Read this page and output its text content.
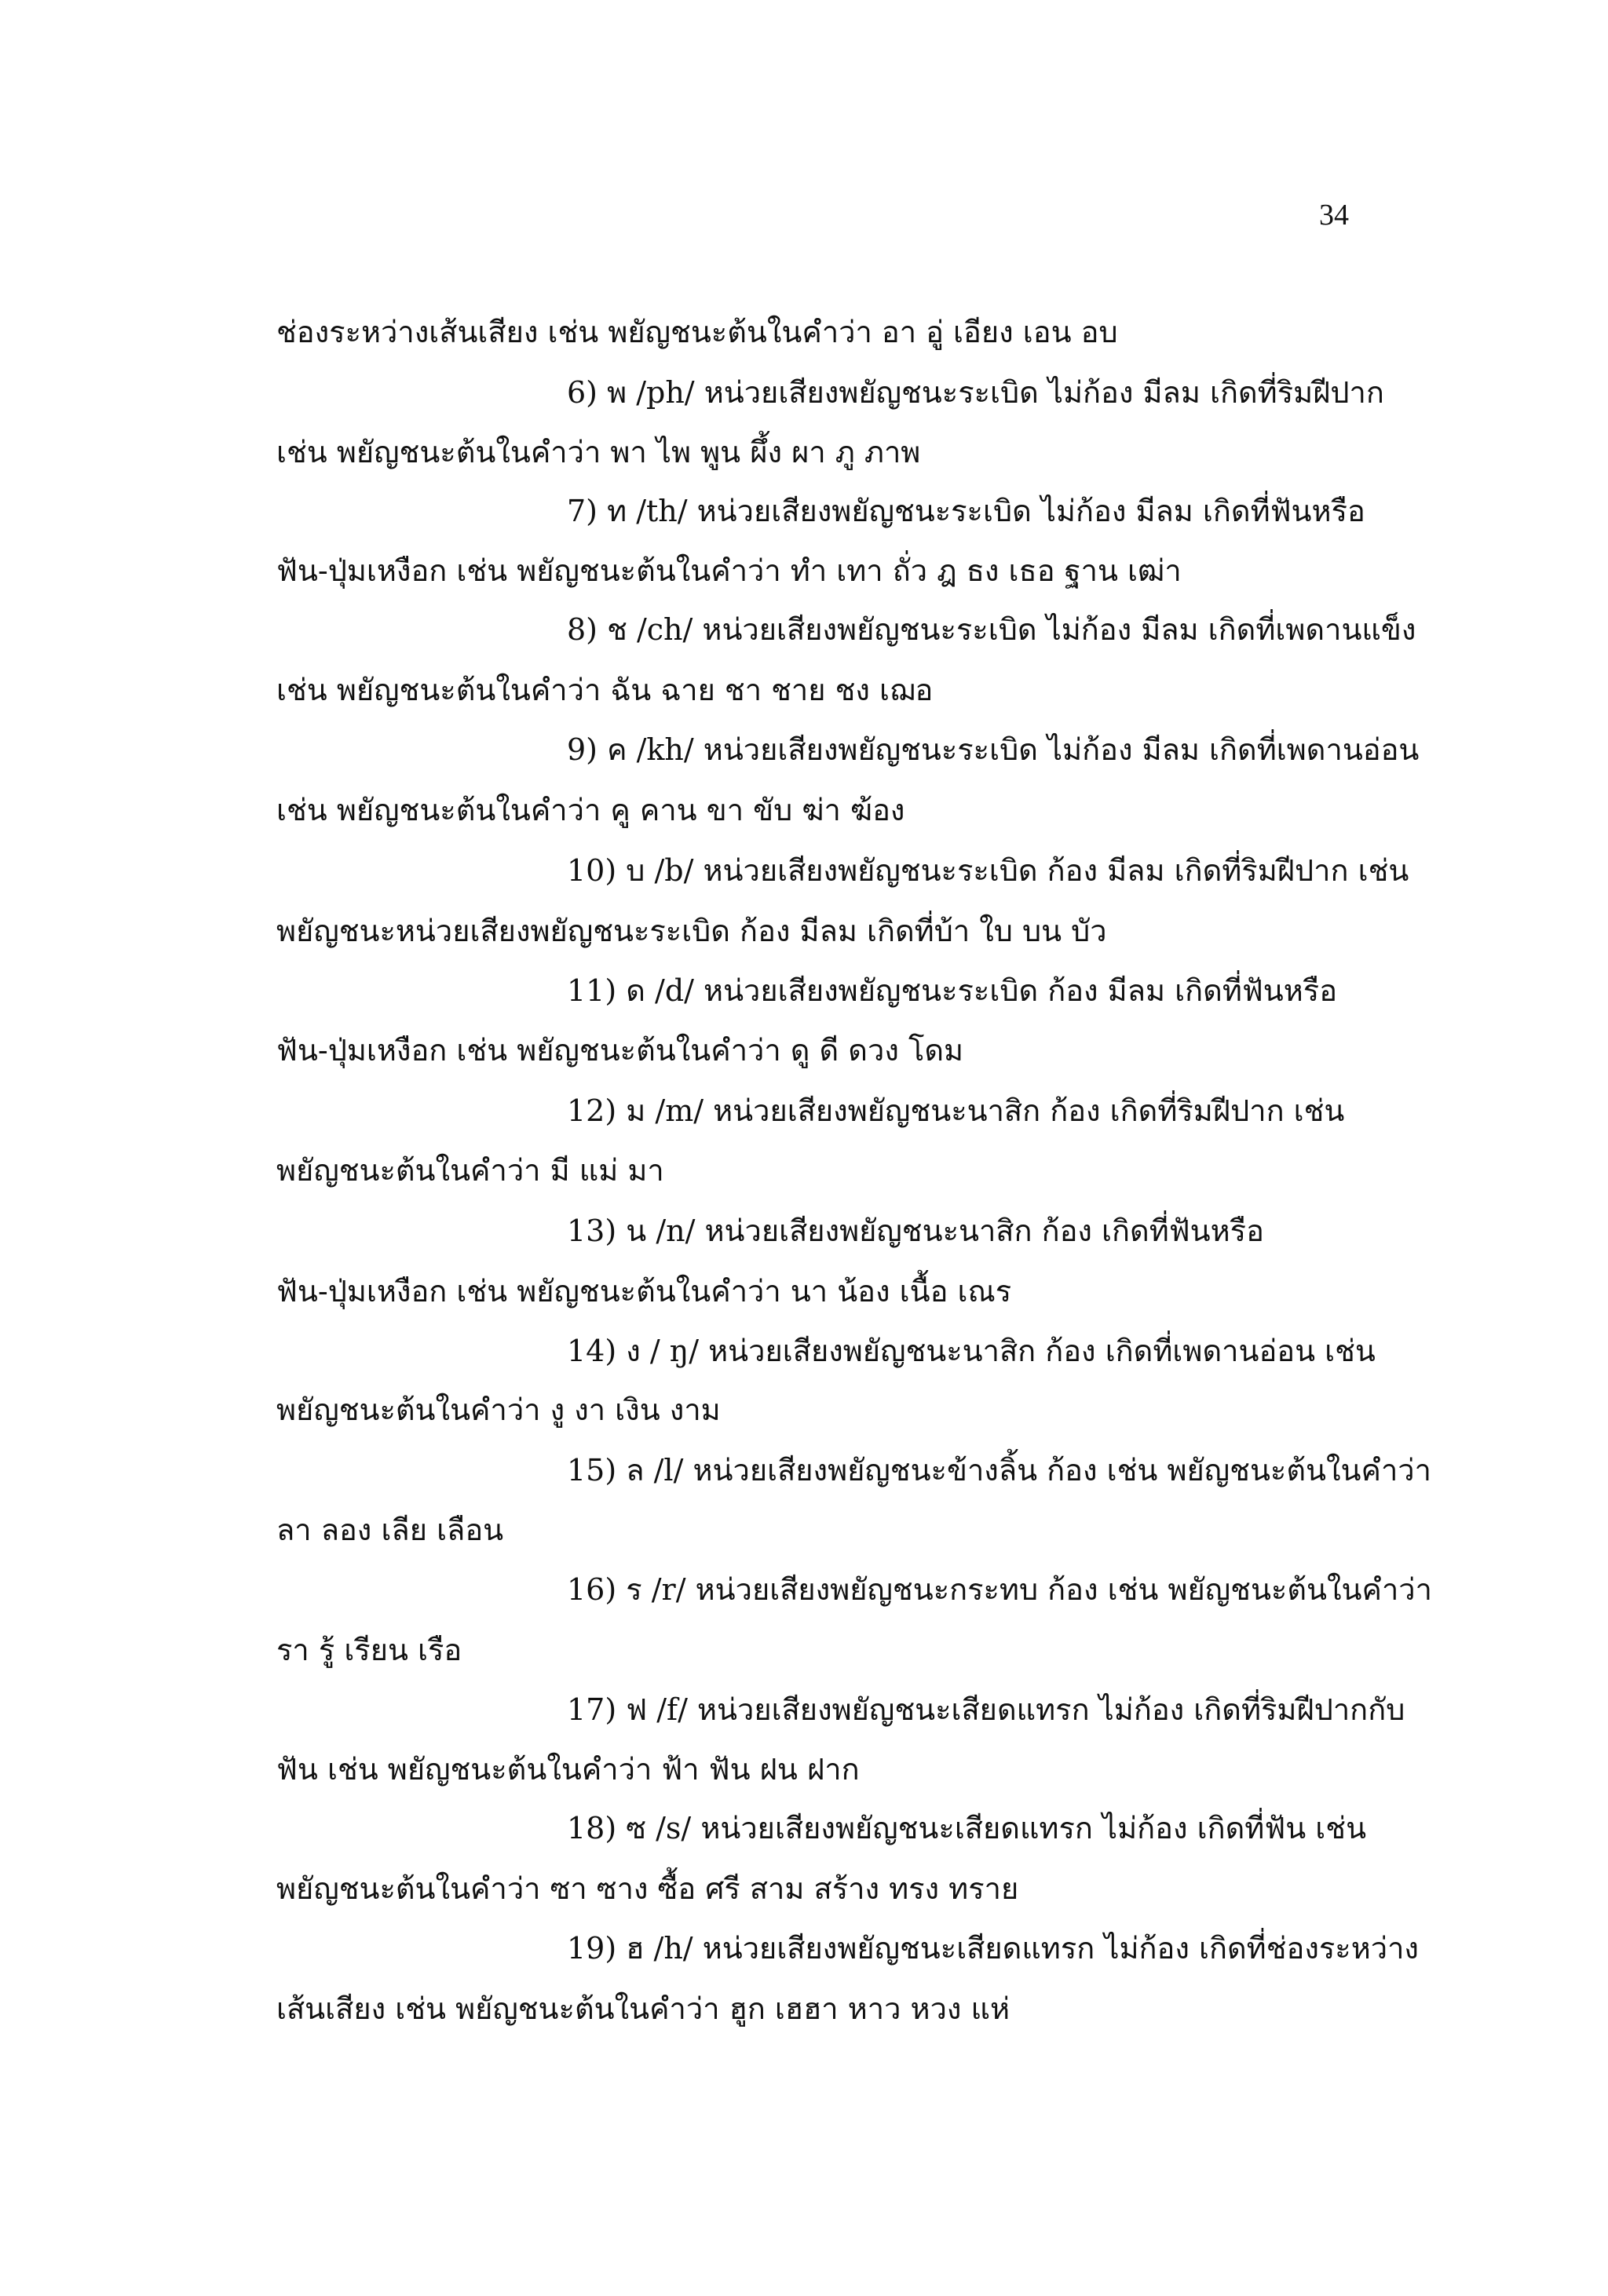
34
ช่องระหว่างเส้นเสียง เช่น พยัญชนะต้นในคำว่า อา อู่ เอียง เอน อบ
6) พ /ph/ หน่วยเสียงพยัญชนะระเบิด ไม่ก้อง มีลม เกิดที่ริมฝีปาก
เช่น พยัญชนะต้นในคำว่า พา ไพ พูน ผึ้ง ผา ภู ภาพ
7) ท /th/ หน่วยเสียงพยัญชนะระเบิด ไม่ก้อง มีลม เกิดที่ฟันหรือ
ฟัน-ปุ่มเหงือก เช่น พยัญชนะต้นในคำว่า ทำ เทา ถั่ว ฎ ธง เธอ ฐาน เฒ่า
8) ช /ch/ หน่วยเสียงพยัญชนะระเบิด ไม่ก้อง มีลม เกิดที่เพดานแข็ง
เช่น พยัญชนะต้นในคำว่า ฉัน ฉาย ชา ชาย ชง เฌอ
9) ค /kh/ หน่วยเสียงพยัญชนะระเบิด ไม่ก้อง มีลม เกิดที่เพดานอ่อน
เช่น พยัญชนะต้นในคำว่า คู คาน ขา ขับ ฆ่า ฆ้อง
10) บ /b/ หน่วยเสียงพยัญชนะระเบิด ก้อง มีลม เกิดที่ริมฝีปาก เช่น
พยัญชนะหน่วยเสียงพยัญชนะระเบิด ก้อง มีลม เกิดที่บ้า ใบ บน บัว
11) ด /d/ หน่วยเสียงพยัญชนะระเบิด ก้อง มีลม เกิดที่ฟันหรือ
ฟัน-ปุ่มเหงือก เช่น พยัญชนะต้นในคำว่า ดู ดี ดวง โดม
12) ม /m/ หน่วยเสียงพยัญชนะนาสิก ก้อง เกิดที่ริมฝีปาก เช่น
พยัญชนะต้นในคำว่า มี แม่ มา
13) น /n/ หน่วยเสียงพยัญชนะนาสิก ก้อง เกิดที่ฟันหรือ
ฟัน-ปุ่มเหงือก เช่น พยัญชนะต้นในคำว่า นา น้อง เนื้อ เณร
14) ง / ŋ/ หน่วยเสียงพยัญชนะนาสิก ก้อง เกิดที่เพดานอ่อน เช่น
พยัญชนะต้นในคำว่า งู งา เงิน งาม
15) ล /l/ หน่วยเสียงพยัญชนะข้างลิ้น ก้อง เช่น พยัญชนะต้นในคำว่า
ลา ลอง เลีย เลือน
16) ร /r/ หน่วยเสียงพยัญชนะกระทบ ก้อง เช่น พยัญชนะต้นในคำว่า
รา รู้ เรียน เรือ
17) ฟ /f/ หน่วยเสียงพยัญชนะเสียดแทรก ไม่ก้อง เกิดที่ริมฝีปากกับ
ฟัน เช่น พยัญชนะต้นในคำว่า ฟ้า ฟัน ฝน ฝาก
18) ซ /s/ หน่วยเสียงพยัญชนะเสียดแทรก ไม่ก้อง เกิดที่ฟัน เช่น
พยัญชนะต้นในคำว่า ซา ซาง ซื้อ ศรี สาม สร้าง ทรง ทราย
19) ฮ /h/ หน่วยเสียงพยัญชนะเสียดแทรก ไม่ก้อง เกิดที่ช่องระหว่าง
เส้นเสียง เช่น พยัญชนะต้นในคำว่า ฮูก เฮฮา หาว หวง แห่
